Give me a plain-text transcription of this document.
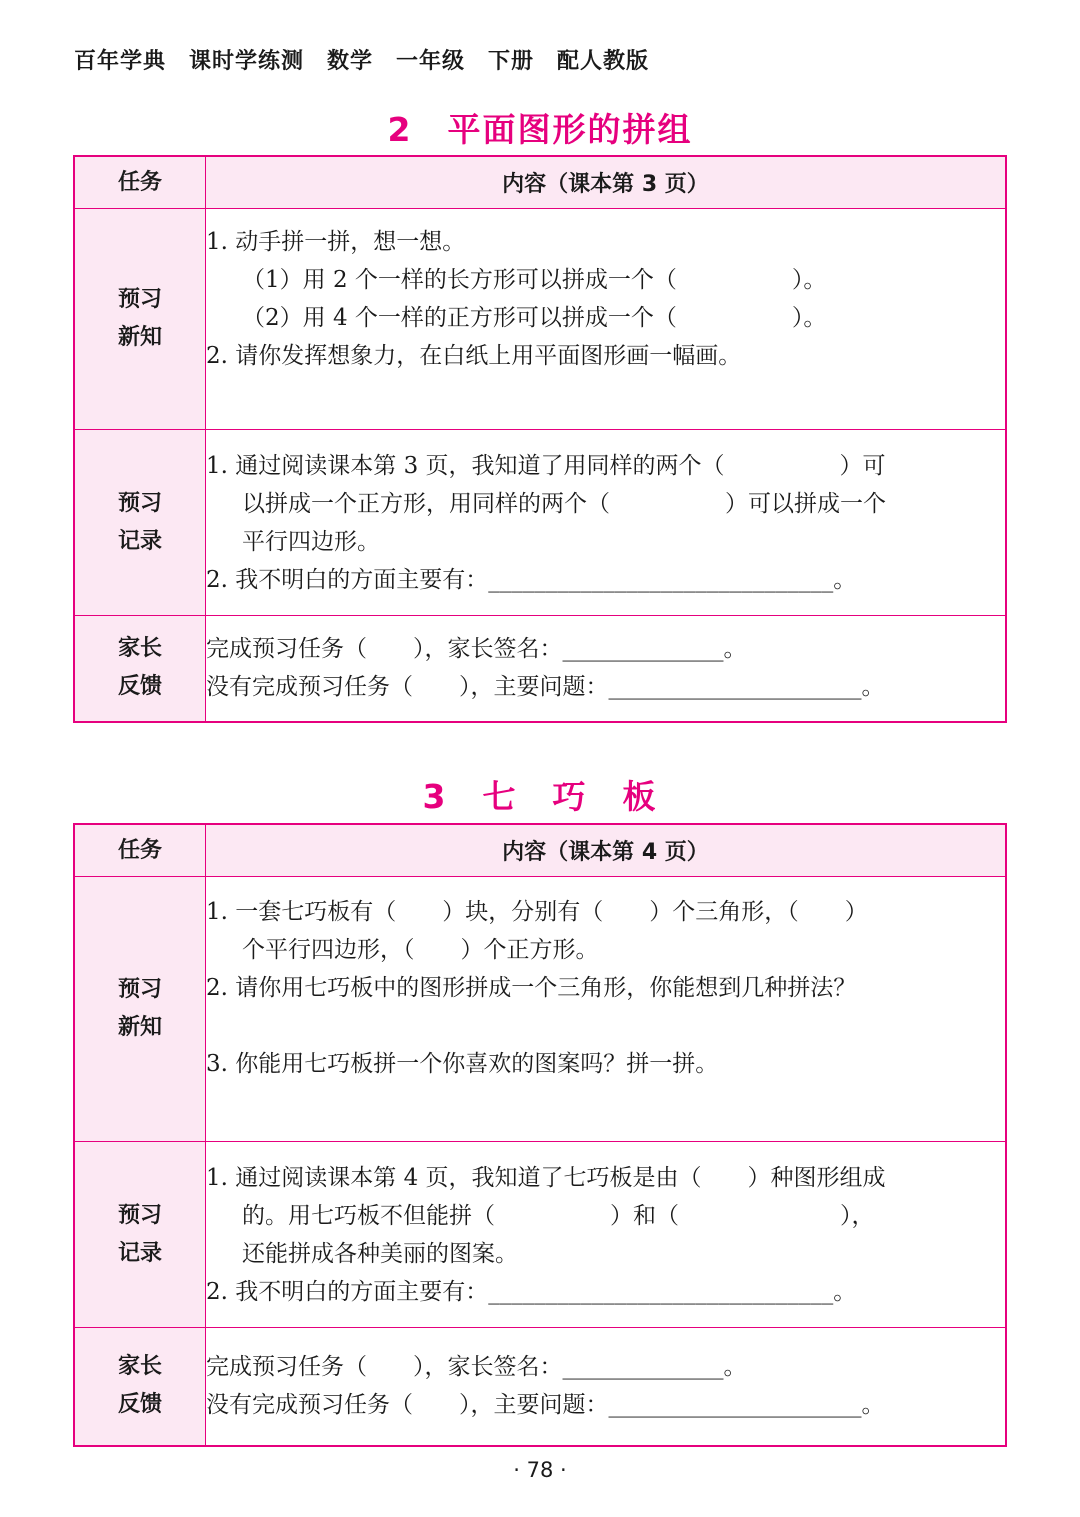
百年学典　课时学练测　数学　一年级　下册　配人教版
2　平面图形的拼组
任务	内容（课本第 3 页）

预习
新知	1. 动手拼一拼，想一想。
（1）用 2 个一样的长方形可以拼成一个（　　　　　）。
（2）用 4 个一样的正方形可以拼成一个（　　　　　）。
2. 请你发挥想象力，在白纸上用平面图形画一幅画。

预习
记录	1. 通过阅读课本第 3 页，我知道了用同样的两个（　　　　　）可
以拼成一个正方形，用同样的两个（　　　　　）可以拼成一个
平行四边形。
2. 我不明白的方面主要有：______________________________。

家长
反馈	完成预习任务（　　），家长签名：______________。
没有完成预习任务（　　），主要问题：______________________。
3　七　巧　板
任务	内容（课本第 4 页）

预习
新知	1. 一套七巧板有（　　）块，分别有（　　）个三角形，（　　）
个平行四边形，（　　）个正方形。
2. 请你用七巧板中的图形拼成一个三角形，你能想到几种拼法？

3. 你能用七巧板拼一个你喜欢的图案吗？拼一拼。

预习
记录	1. 通过阅读课本第 4 页，我知道了七巧板是由（　　）种图形组成
的。用七巧板不但能拼（　　　　　）和（　　　　　　　），
还能拼成各种美丽的图案。
2. 我不明白的方面主要有：______________________________。

家长
反馈	完成预习任务（　　），家长签名：______________。
没有完成预习任务（　　），主要问题：______________________。
· 78 ·
